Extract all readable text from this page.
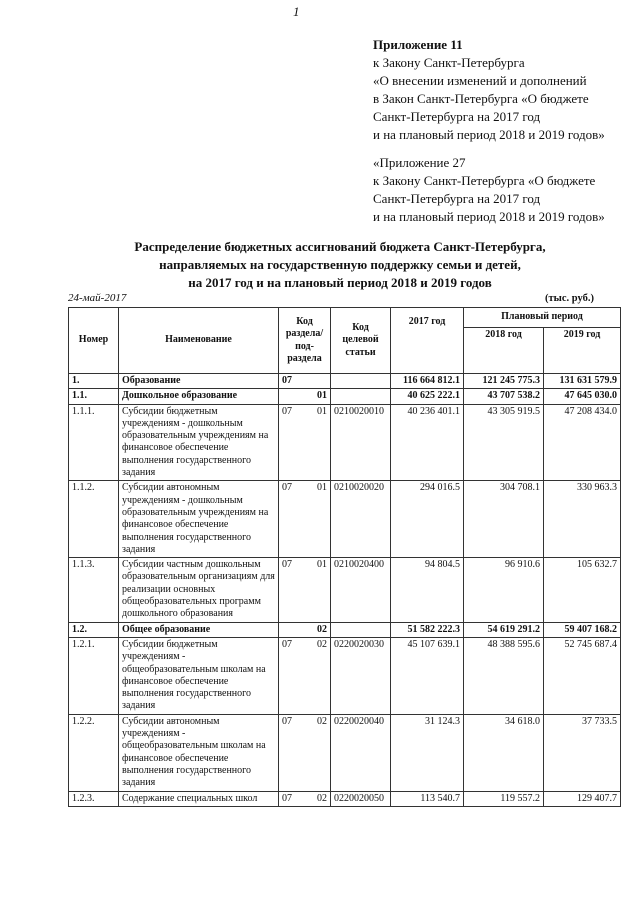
1
Приложение 11
к Закону Санкт-Петербурга
«О внесении изменений и дополнений
в Закон Санкт-Петербурга «О бюджете
Санкт-Петербурга на 2017 год
и на плановый период 2018 и 2019 годов»
«Приложение 27
к Закону Санкт-Петербурга «О бюджете
Санкт-Петербурга на 2017 год
и на плановый период 2018 и 2019 годов»
Распределение бюджетных ассигнований бюджета Санкт-Петербурга,
направляемых на государственную поддержку семьи и детей,
на 2017 год и на плановый период 2018 и 2019 годов
24-май-2017	(тыс. руб.)
Номер	Наименование	Код раздела/ под-раздела	Код целевой статьи	2017 год	Плановый период	
					2018 год	2019 год
1.	Образование	07		116 664 812.1	121 245 775.3	131 631 579.9
1.1.	Дошкольное образование	01		40 625 222.1	43 707 538.2	47 645 030.0
1.1.1.	Субсидии бюджетным учреждениям - дошкольным образовательным учреждениям на финансовое обеспечение выполнения государственного задания	07 01	0210020010	40 236 401.1	43 305 919.5	47 208 434.0
1.1.2.	Субсидии автономным учреждениям - дошкольным образовательным учреждениям на финансовое обеспечение выполнения государственного задания	07 01	0210020020	294 016.5	304 708.1	330 963.3
1.1.3.	Субсидии частным дошкольным образовательным организациям для реализации основных общеобразовательных программ дошкольного образования	07 01	0210020400	94 804.5	96 910.6	105 632.7
1.2.	Общее образование	02		51 582 222.3	54 619 291.2	59 407 168.2
1.2.1.	Субсидии бюджетным учреждениям - общеобразовательным школам на финансовое обеспечение выполнения государственного задания	07 02	0220020030	45 107 639.1	48 388 595.6	52 745 687.4
1.2.2.	Субсидии автономным учреждениям - общеобразовательным школам на финансовое обеспечение выполнения государственного задания	07 02	0220020040	31 124.3	34 618.0	37 733.5
1.2.3.	Содержание специальных школ	07 02	0220020050	113 540.7	119 557.2	129 407.7
